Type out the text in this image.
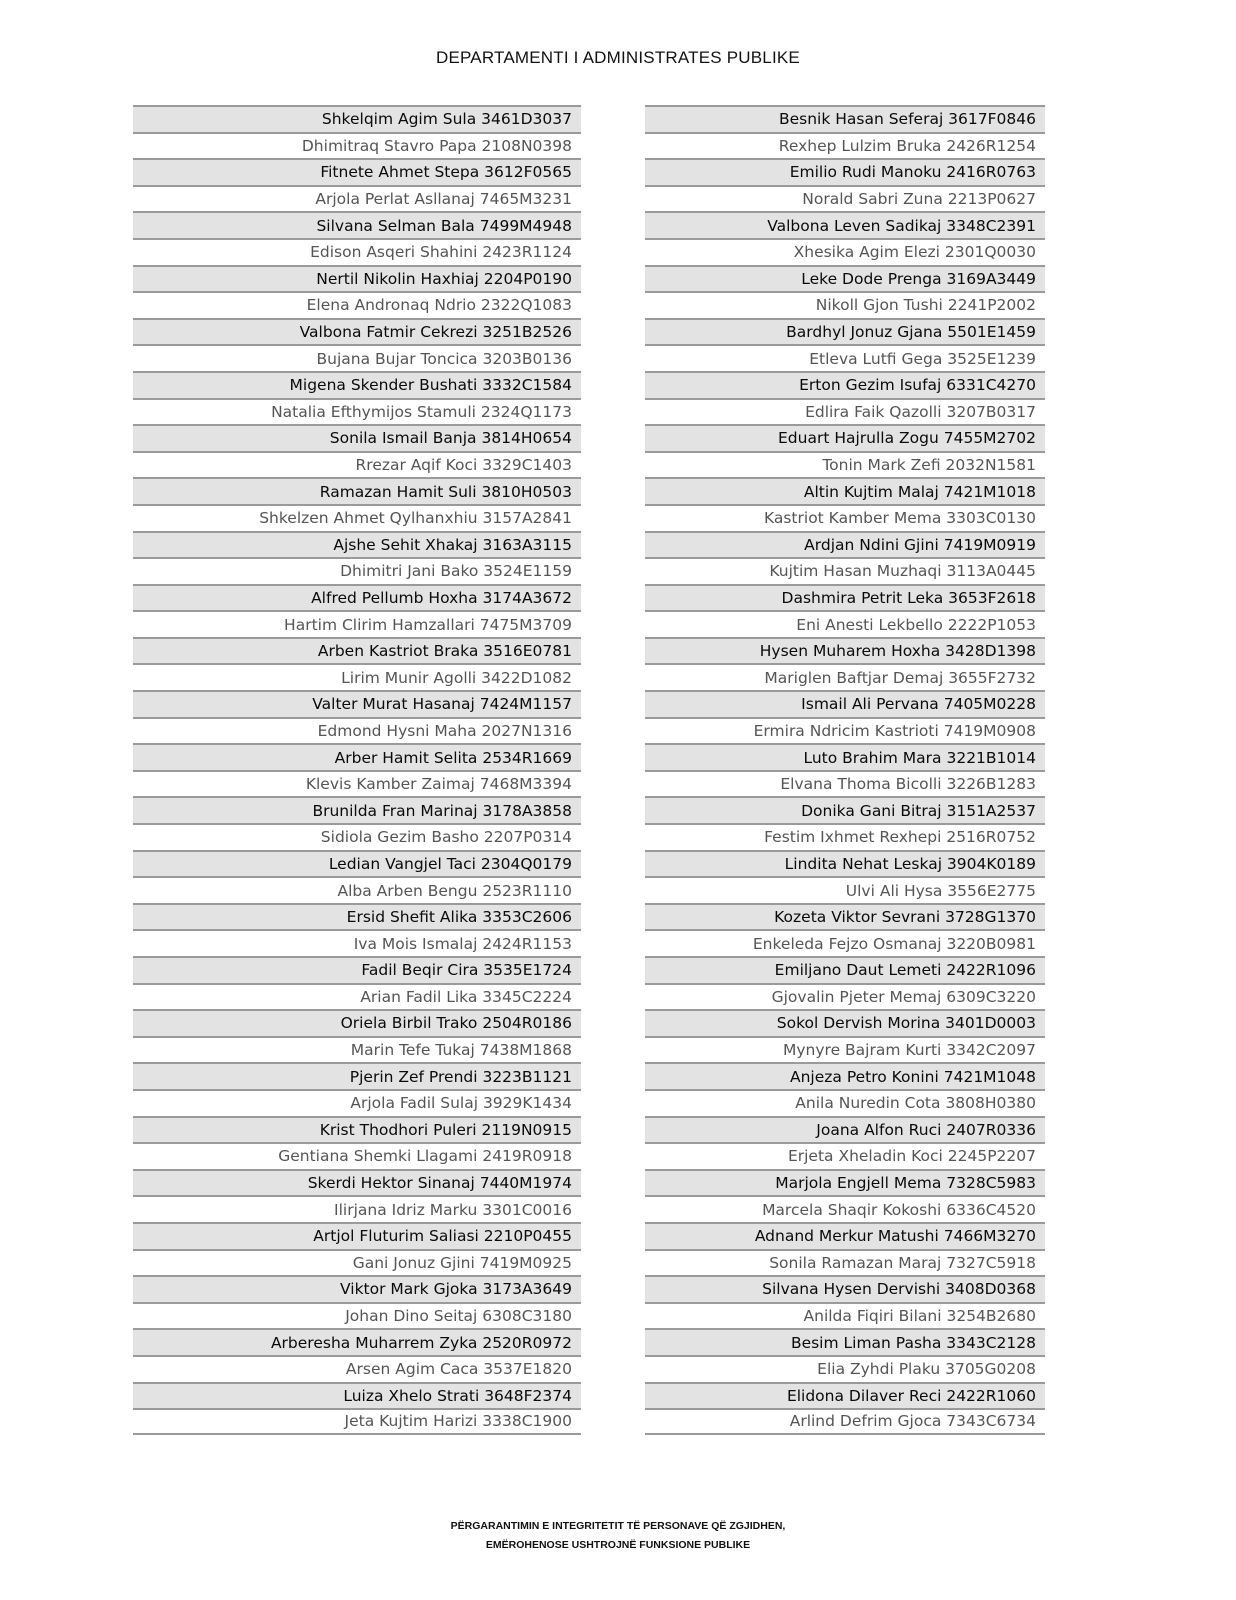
DEPARTAMENTI I ADMINISTRATES PUBLIKE
Shkelqim Agim Sula 3461D3037
Dhimitraq Stavro Papa 2108N0398
Fitnete Ahmet Stepa 3612F0565
Arjola Perlat Asllanaj 7465M3231
Silvana Selman Bala 7499M4948
Edison Asqeri Shahini 2423R1124
Nertil Nikolin Haxhiaj 2204P0190
Elena Andronaq Ndrio 2322Q1083
Valbona Fatmir Cekrezi 3251B2526
Bujana Bujar Toncica 3203B0136
Migena Skender Bushati 3332C1584
Natalia Efthymijos Stamuli 2324Q1173
Sonila Ismail Banja 3814H0654
Rrezar Aqif Koci 3329C1403
Ramazan Hamit Suli 3810H0503
Shkelzen Ahmet Qylhanxhiu 3157A2841
Ajshe Sehit Xhakaj 3163A3115
Dhimitri Jani Bako 3524E1159
Alfred Pellumb Hoxha 3174A3672
Hartim Clirim Hamzallari 7475M3709
Arben Kastriot Braka 3516E0781
Lirim Munir Agolli 3422D1082
Valter Murat Hasanaj 7424M1157
Edmond Hysni Maha 2027N1316
Arber Hamit Selita 2534R1669
Klevis Kamber Zaimaj 7468M3394
Brunilda Fran Marinaj 3178A3858
Sidiola Gezim Basho 2207P0314
Ledian Vangjel Taci 2304Q0179
Alba Arben Bengu 2523R1110
Ersid Shefit Alika 3353C2606
Iva Mois Ismalaj 2424R1153
Fadil Beqir Cira 3535E1724
Arian Fadil Lika 3345C2224
Oriela Birbil Trako 2504R0186
Marin Tefe Tukaj 7438M1868
Pjerin Zef Prendi 3223B1121
Arjola Fadil Sulaj 3929K1434
Krist Thodhori Puleri 2119N0915
Gentiana Shemki Llagami 2419R0918
Skerdi Hektor Sinanaj 7440M1974
Ilirjana Idriz Marku 3301C0016
Artjol Fluturim Saliasi 2210P0455
Gani Jonuz Gjini 7419M0925
Viktor Mark Gjoka 3173A3649
Johan Dino Seitaj 6308C3180
Arberesha Muharrem Zyka 2520R0972
Arsen Agim Caca 3537E1820
Luiza Xhelo Strati 3648F2374
Jeta Kujtim Harizi 3338C1900
Besnik Hasan Seferaj 3617F0846
Rexhep Lulzim Bruka 2426R1254
Emilio Rudi Manoku 2416R0763
Norald Sabri Zuna 2213P0627
Valbona Leven Sadikaj 3348C2391
Xhesika Agim Elezi 2301Q0030
Leke Dode Prenga 3169A3449
Nikoll Gjon Tushi 2241P2002
Bardhyl Jonuz Gjana 5501E1459
Etleva Lutfi Gega 3525E1239
Erton Gezim Isufaj 6331C4270
Edlira Faik Qazolli 3207B0317
Eduart Hajrulla Zogu 7455M2702
Tonin Mark Zefi 2032N1581
Altin Kujtim Malaj 7421M1018
Kastriot Kamber Mema 3303C0130
Ardjan Ndini Gjini 7419M0919
Kujtim Hasan Muzhaqi 3113A0445
Dashmira Petrit Leka 3653F2618
Eni Anesti Lekbello 2222P1053
Hysen Muharem Hoxha 3428D1398
Mariglen Baftjar Demaj 3655F2732
Ismail Ali Pervana 7405M0228
Ermira Ndricim Kastrioti 7419M0908
Luto Brahim Mara 3221B1014
Elvana Thoma Bicolli 3226B1283
Donika Gani Bitraj 3151A2537
Festim Ixhmet Rexhepi 2516R0752
Lindita Nehat Leskaj 3904K0189
Ulvi Ali Hysa 3556E2775
Kozeta Viktor Sevrani 3728G1370
Enkeleda Fejzo Osmanaj 3220B0981
Emiljano Daut Lemeti 2422R1096
Gjovalin Pjeter Memaj 6309C3220
Sokol Dervish Morina 3401D0003
Mynyre Bajram Kurti 3342C2097
Anjeza Petro Konini 7421M1048
Anila Nuredin Cota 3808H0380
Joana Alfon Ruci 2407R0336
Erjeta Xheladin Koci 2245P2207
Marjola Engjell Mema 7328C5983
Marcela Shaqir Kokoshi 6336C4520
Adnand Merkur Matushi 7466M3270
Sonila Ramazan Maraj 7327C5918
Silvana Hysen Dervishi 3408D0368
Anilda Fiqiri Bilani 3254B2680
Besim Liman Pasha 3343C2128
Elia Zyhdi Plaku 3705G0208
Elidona Dilaver Reci 2422R1060
Arlind Defrim Gjoca 7343C6734
PËRGARANTIMIN E INTEGRITETIT TË PERSONAVE QË ZGJIDHEN,
EMËROHENOSE USHTROJNË FUNKSIONE PUBLIKE
